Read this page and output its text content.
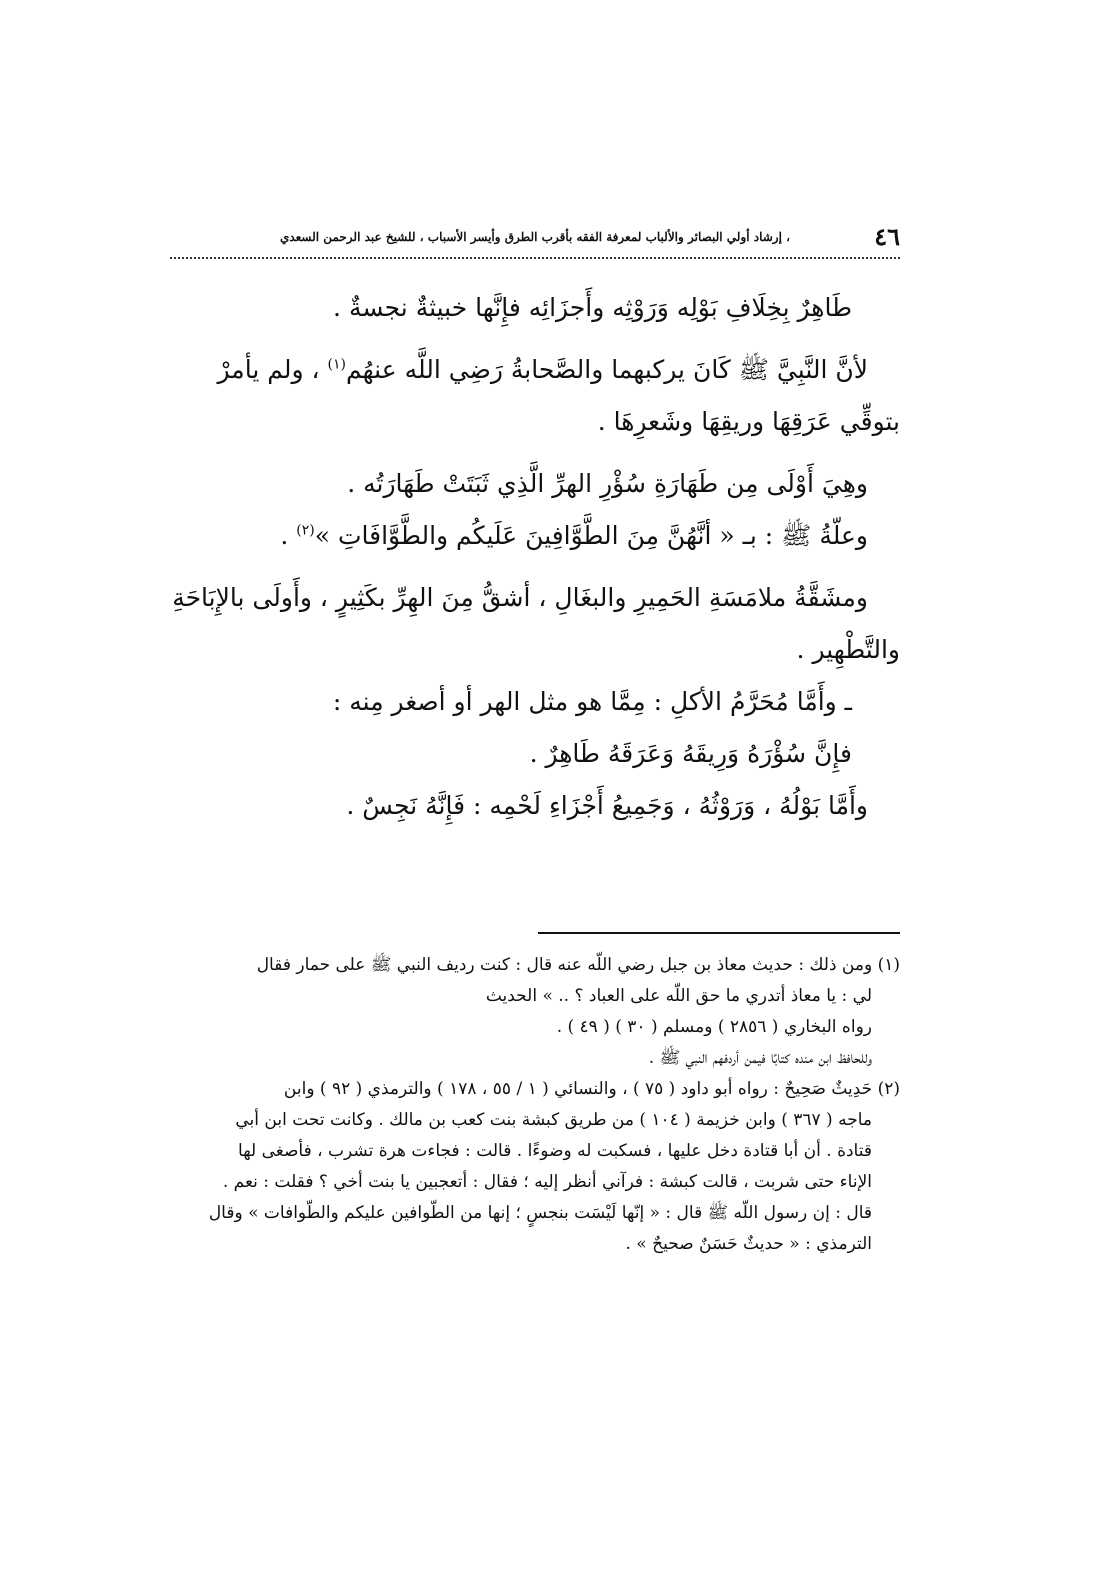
٤٦
، إرشاد أولي البصائر والألباب لمعرفة الفقه بأقرب الطرق وأيسر الأسباب ، للشيخ عبد الرحمن السعدي

طَاهِرٌ بِخِلَافِ بَوْلِه وَرَوْثِه وأَجزَائِه فإِنَّها خبيثةٌ نجسةٌ .

لأنَّ النَّبِيَّ ﷺ كَانَ يركبهما والصَّحابةُ رَضِي اللَّه عنهُم$^{(١)}$ ، ولم يأمرْ

بتوقِّي عَرَقِهَا وريقِهَا وشَعرِهَا .

وهِيَ أَوْلَى مِن طَهَارَةِ سُؤْرِ الهرِّ الَّذِي ثَبَتَتْ طَهَارَتُه .

وعلّةُ ﷺ : بـ « أنَّهُنَّ مِنَ الطَّوَّافِينَ عَلَيكُم والطَّوَّافَاتِ »$^{(٢)}$ .

ومشَقَّةُ ملامَسَةِ الحَمِيرِ والبغَالِ ، أشقُّ مِنَ الهِرِّ بكَثِيرٍ ، وأَولَى بالإِبَاحَةِ

والتَّطْهِير .

ـ وأَمَّا مُحَرَّمُ الأكلِ : مِمَّا هو مثل الهر أو أصغر مِنه :

فإِنَّ سُؤْرَهُ وَرِيقَهُ وَعَرَقَهُ طَاهِرٌ .

وأَمَّا بَوْلُهُ ، وَرَوْثُهُ ، وَجَمِيعُ أَجْزَاءِ لَحْمِه : فَإِنَّهُ نَجِسٌ .

(١) ومن ذلك : حديث معاذ بن جبل رضي اللّه عنه قال : كنت رديف النبي ﷺ على حمار فقال

لي : يا معاذ أتدري ما حق اللّه على العباد ؟ .. » الحديث

رواه البخاري ( ٢٨٥٦ ) ومسلم ( ٣٠ ) ( ٤٩ ) .

وللحافظ ابن منده كتابًا فيمن أردفهم النبي ﷺ .

(٢) حَدِيثٌ صَحِيحٌ : رواه أبو داود ( ٧٥ ) ، والنسائي ( ١ / ٥٥ ، ١٧٨ ) والترمذي ( ٩٢ ) وابن

ماجه ( ٣٦٧ ) وابن خزيمة ( ١٠٤ ) من طريق كبشة بنت كعب بن مالك . وكانت تحت ابن أبي

قتادة . أن أبا قتادة دخل عليها ، فسكبت له وضوءًا . قالت : فجاءت هرة تشرب ، فأصغى لها

الإناء حتى شربت ، قالت كبشة : فرآني أنظر إليه ؛ فقال : أتعجبين يا بنت أخي ؟ فقلت : نعم .

قال : إن رسول اللّه ﷺ قال : « إنّها لَيْسَت بنجسٍ ؛ إنها من الطّوافين عليكم والطّوافات » وقال

الترمذي : « حديثٌ حَسَنٌ صحيحٌ » .
